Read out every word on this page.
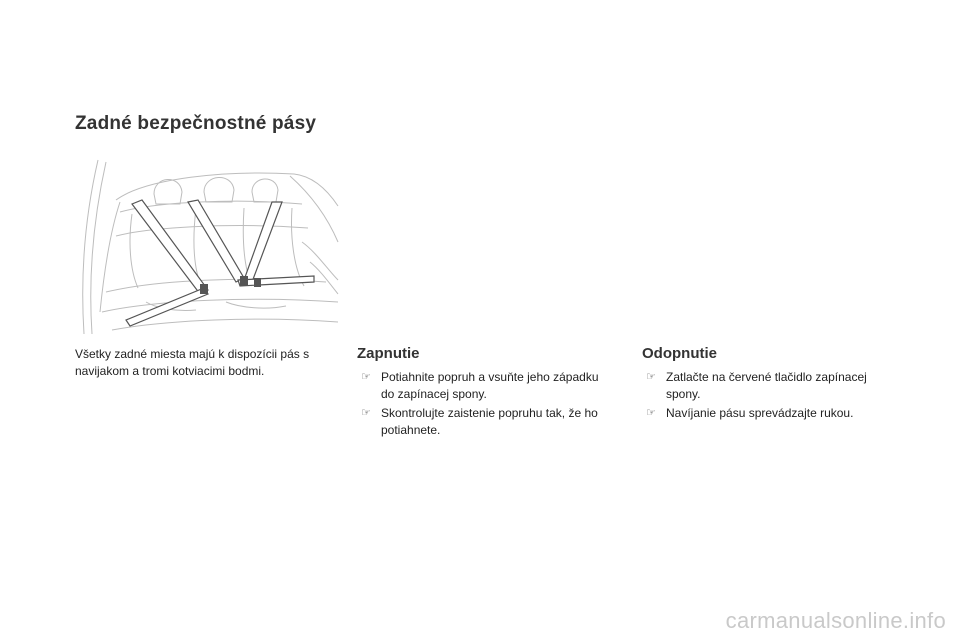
Zadné bezpečnostné pásy

Všetky zadné miesta majú k dispozícii pás s navijakom a tromi kotviacimi bodmi.

Zapnutie
☞ Potiahnite popruh a vsuňte jeho západku do zapínacej spony.
☞ Skontrolujte zaistenie popruhu tak, že ho potiahnete.
Odopnutie
☞ Zatlačte na červené tlačidlo zapínacej spony.
☞ Navíjanie pásu sprevádzajte rukou.
carmanualsonline.info
